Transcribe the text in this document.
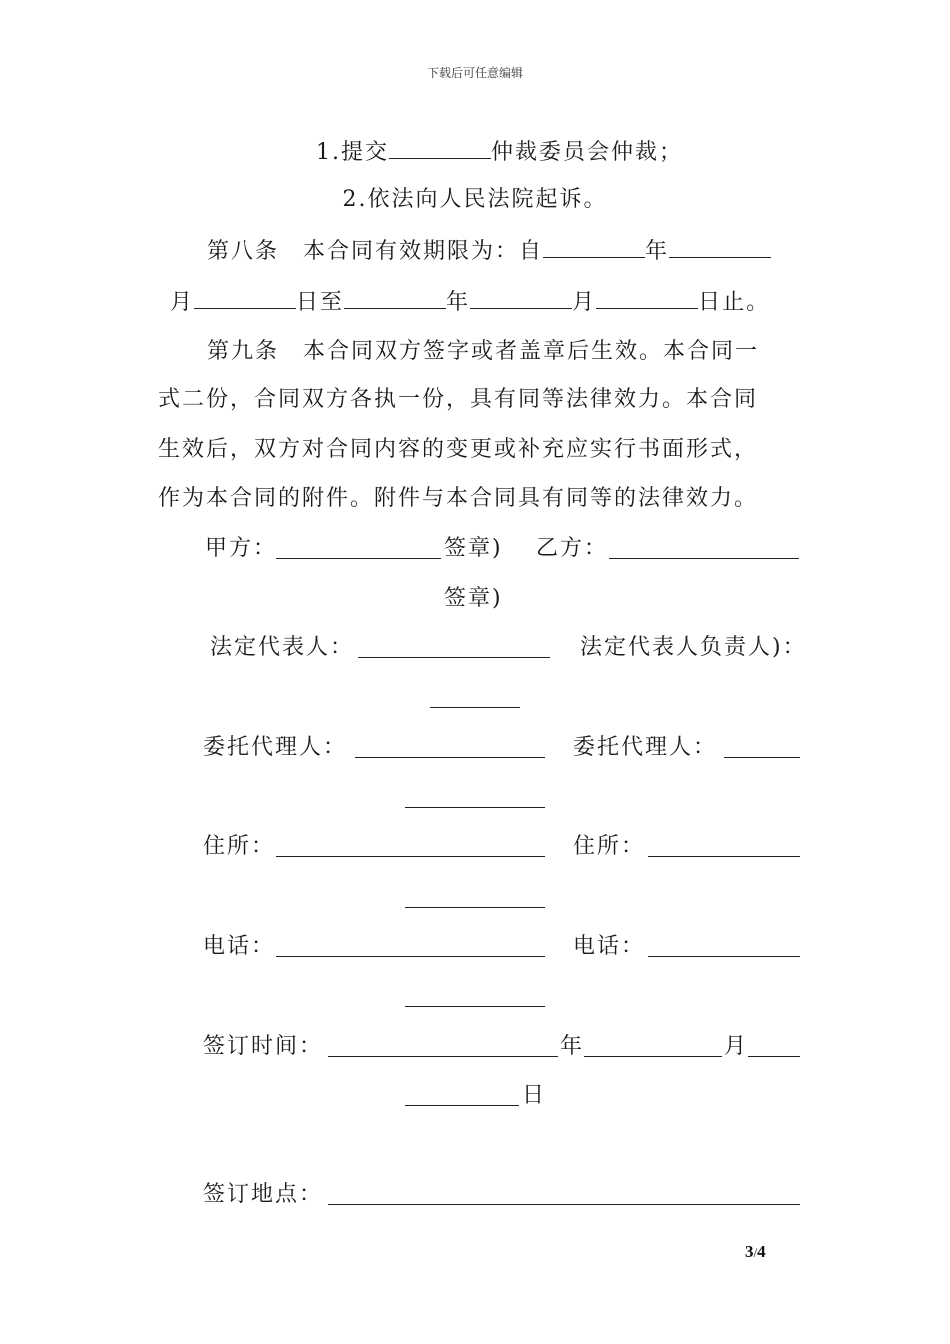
下载后可任意编辑
1.提交	仲裁委员会仲裁；
2.依法向人民法院起诉。
第八条　本合同有效期限为：自	年
月	日至	年	月	日止。
第九条　本合同双方签字或者盖章后生效。本合同一
式二份，合同双方各执一份，具有同等法律效力。本合同
生效后，双方对合同内容的变更或补充应实行书面形式，
作为本合同的附件。附件与本合同具有同等的法律效力。
甲方：	签章) 乙方：
签章)
法定代表人：	法定代表人负责人)：
委托代理人：	委托代理人：
住所：	住所：
电话：	电话：
签订时间：	年	月
日
签订地点：
3/4
